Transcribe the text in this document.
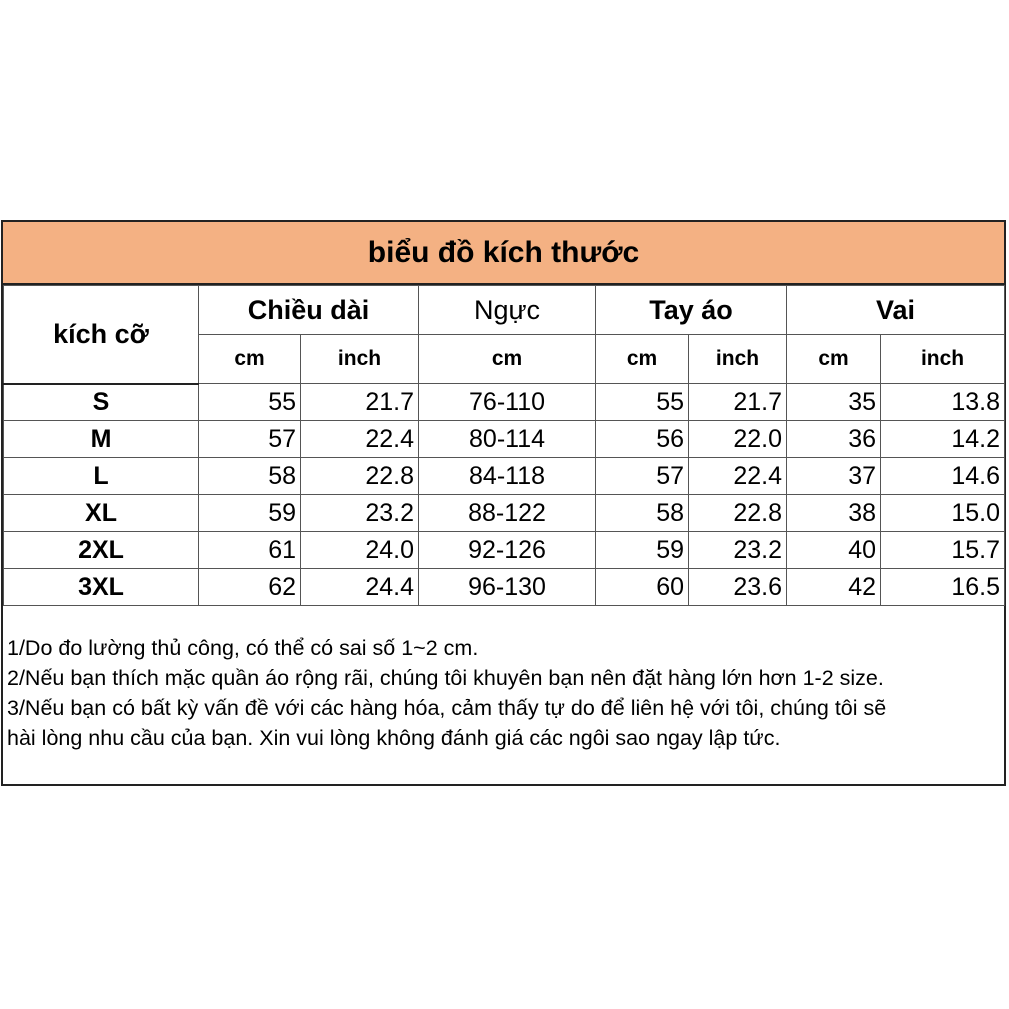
biểu đồ kích thước
kích cỡ	Chiều dài		Ngực	Tay áo		Vai	
	cm	inch	cm	cm	inch	cm	inch
S	55	21.7	76-110	55	21.7	35	13.8
M	57	22.4	80-114	56	22.0	36	14.2
L	58	22.8	84-118	57	22.4	37	14.6
XL	59	23.2	88-122	58	22.8	38	15.0
2XL	61	24.0	92-126	59	23.2	40	15.7
3XL	62	24.4	96-130	60	23.6	42	16.5
1/Do đo lường thủ công, có thể có sai số 1~2 cm.
2/Nếu bạn thích mặc quần áo rộng rãi, chúng tôi khuyên bạn nên đặt hàng lớn hơn 1-2 size.
3/Nếu bạn có bất kỳ vấn đề với các hàng hóa, cảm thấy tự do để liên hệ với tôi, chúng tôi sẽ
hài lòng nhu cầu của bạn. Xin vui lòng không đánh giá các ngôi sao ngay lập tức.
